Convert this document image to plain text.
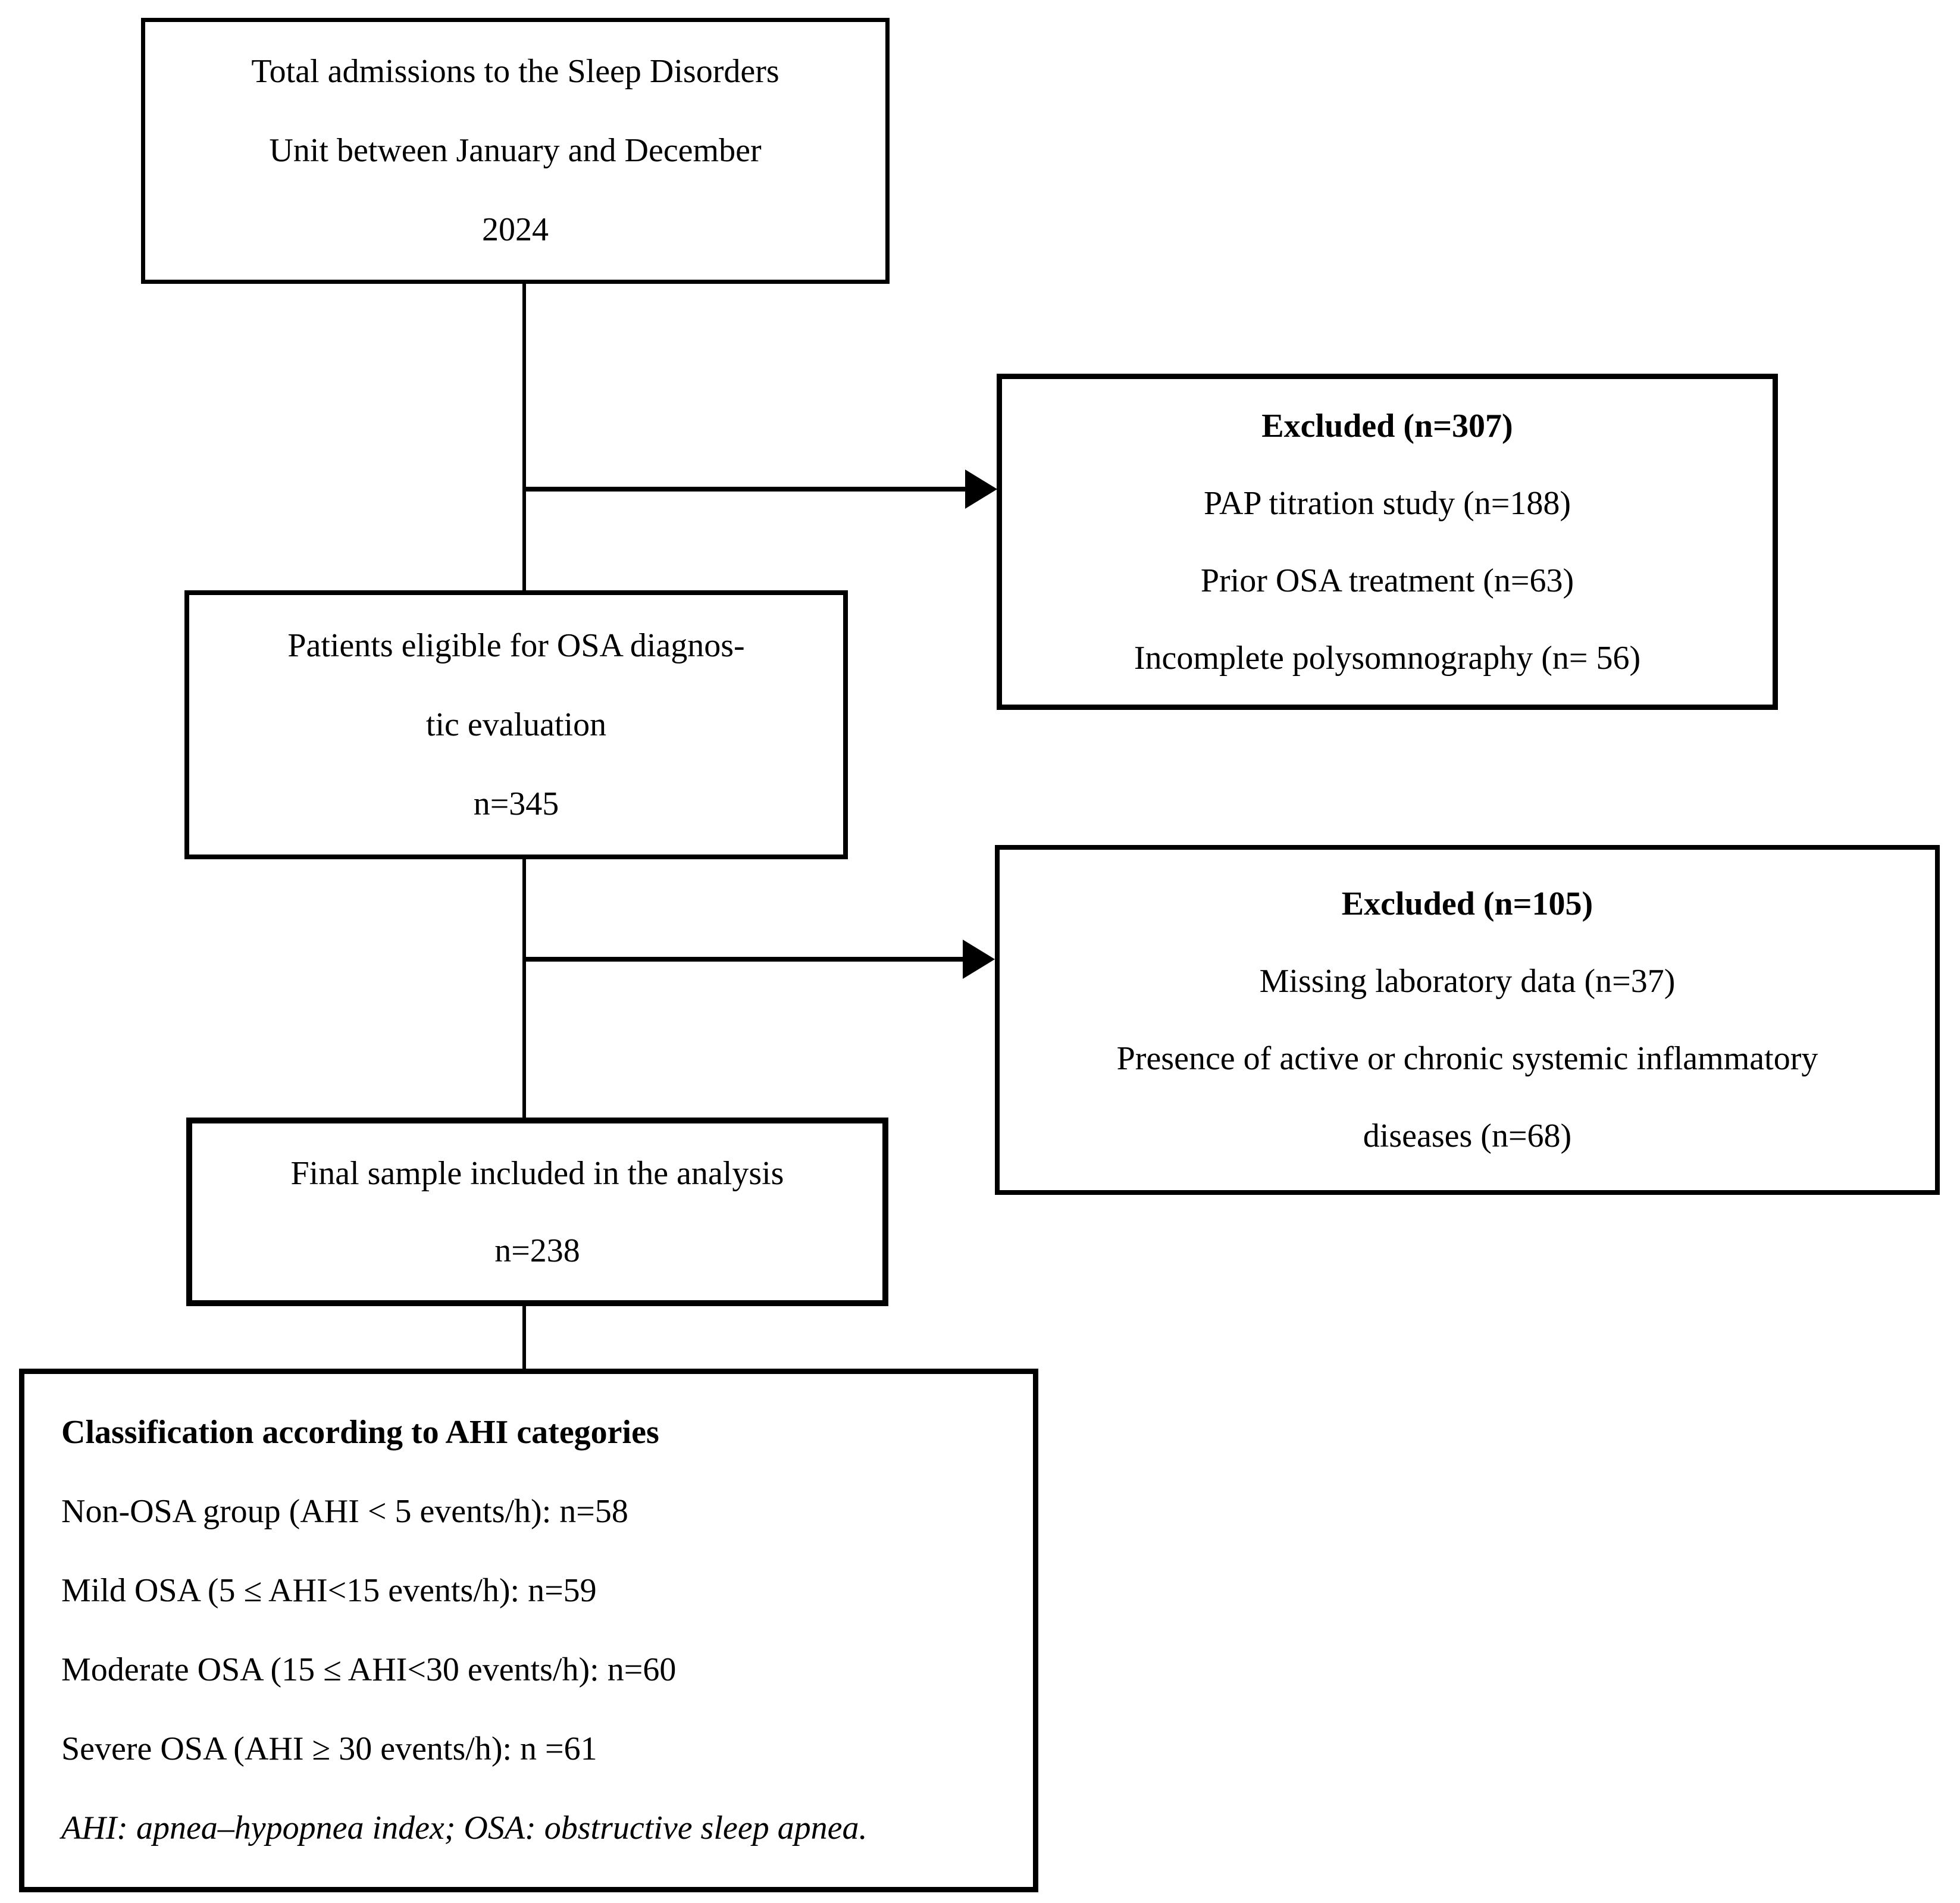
Total admissions to the Sleep Disorders
Unit between January and December
2024
Excluded (n=307)
PAP titration study (n=188)
Prior OSA treatment (n=63)
Incomplete polysomnography (n= 56)
Patients eligible for OSA diagnos-
tic evaluation
n=345
Excluded (n=105)
Missing laboratory data (n=37)
Presence of active or chronic systemic inflammatory
diseases (n=68)
Final sample included in the analysis
n=238
Classification according to AHI categories
Non-OSA group (AHI < 5 events/h): n=58
Mild OSA (5 ≤ AHI<15 events/h): n=59
Moderate OSA (15 ≤ AHI<30 events/h): n=60
Severe OSA (AHI ≥ 30 events/h): n =61
AHI: apnea–hypopnea index; OSA: obstructive sleep apnea.
